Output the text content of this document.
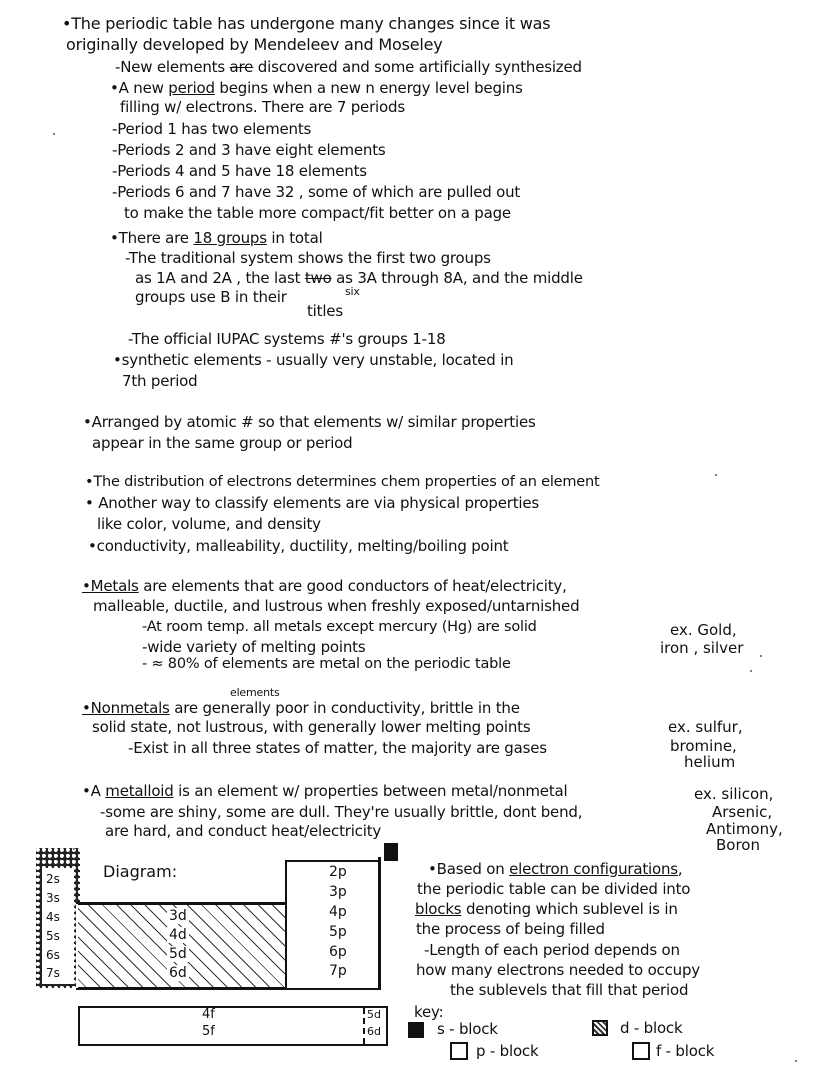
•The periodic table has undergone many changes since it was
originally developed by Mendeleev and Moseley
-New elements are discovered and some artificially synthesized
•A new period begins when a new n energy level begins
filling w/ electrons. There are 7 periods
-Period 1 has two elements
-Periods 2 and 3 have eight elements
-Periods 4 and 5 have 18 elements
-Periods 6 and 7 have 32 , some of which are pulled out
to make the table more compact/fit better on a page
•There are 18 groups in total
-The traditional system shows the first two groups
as 1A and 2A , the last two as 3A through 8A, and the middle
six
groups use B in their
titles
-The official IUPAC systems #'s groups 1-18
•synthetic elements - usually very unstable, located in
7th period
•Arranged by atomic # so that elements w/ similar properties
appear in the same group or period
•The distribution of electrons determines chem properties of an element
• Another way to classify elements are via physical properties
like color, volume, and density
•conductivity, malleability, ductility, melting/boiling point
•Metals are elements that are good conductors of heat/electricity,
malleable, ductile, and lustrous when freshly exposed/untarnished
-At room temp. all metals except mercury (Hg) are solid
-wide variety of melting points
- ≈ 80% of elements are metal on the periodic table
ex. Gold,
iron , silver
elements
•Nonmetals are generally poor in conductivity, brittle in the
solid state, not lustrous, with generally lower melting points
-Exist in all three states of matter, the majority are gases
ex. sulfur,
bromine,
helium
•A metalloid is an element w/ properties between metal/nonmetal
-some are shiny, some are dull. They're usually brittle, dont bend,
are hard, and conduct heat/electricity
ex. silicon,
Arsenic,
Antimony,
Boron
Diagram:
2s
3s
4s
5s
6s
7s
3d
4d
5d
6d
2p
3p
4p
5p
6p
7p
4f
5f
5d
6d
•Based on electron configurations,
the periodic table can be divided into
blocks denoting which sublevel is in
the process of being filled
-Length of each period depends on
how many electrons needed to occupy
the sublevels that fill that period
key:
s - block	d - block
p - block	f - block
